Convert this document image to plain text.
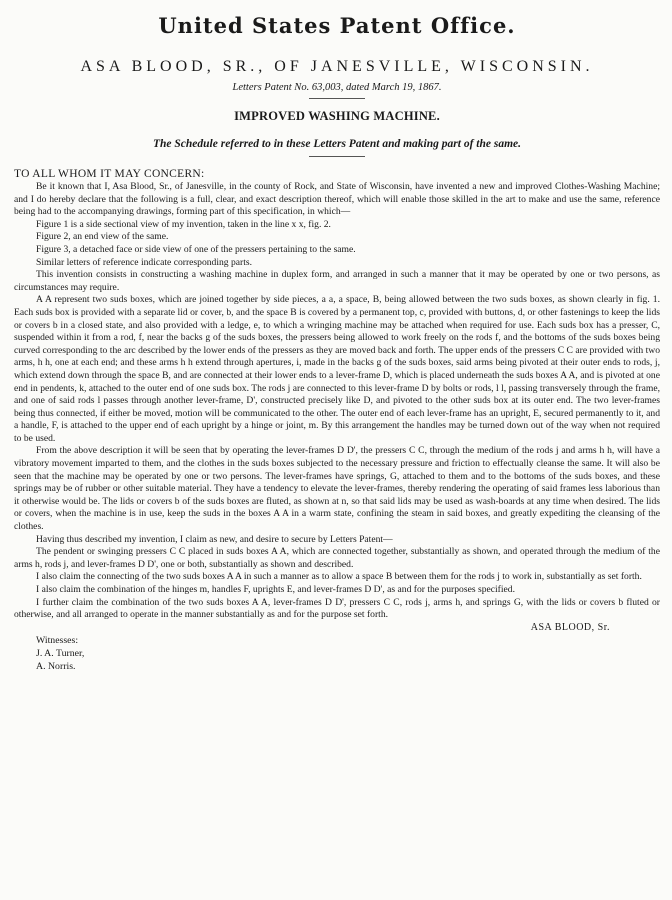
United States Patent Office.
ASA BLOOD, SR., OF JANESVILLE, WISCONSIN.
Letters Patent No. 63,003, dated March 19, 1867.
IMPROVED WASHING MACHINE.
The Schedule referred to in these Letters Patent and making part of the same.
TO ALL WHOM IT MAY CONCERN:

Be it known that I, Asa Blood, Sr., of Janesville, in the county of Rock, and State of Wisconsin, have invented a new and improved Clothes-Washing Machine; and I do hereby declare that the following is a full, clear, and exact description thereof, which will enable those skilled in the art to make and use the same, reference being had to the accompanying drawings, forming part of this specification, in which—

Figure 1 is a side sectional view of my invention, taken in the line x x, fig. 2.

Figure 2, an end view of the same.

Figure 3, a detached face or side view of one of the pressers pertaining to the same.

Similar letters of reference indicate corresponding parts.

This invention consists in constructing a washing machine in duplex form, and arranged in such a manner that it may be operated by one or two persons, as circumstances may require.

A A represent two suds boxes, which are joined together by side pieces, a a, a space, B, being allowed between the two suds boxes, as shown clearly in fig. 1. Each suds box is provided with a separate lid or cover, b, and the space B is covered by a permanent top, c, provided with buttons, d, or other fastenings to keep the lids or covers b in a closed state, and also provided with a ledge, e, to which a wringing machine may be attached when required for use. Each suds box has a presser, C, suspended within it from a rod, f, near the backs g of the suds boxes, the pressers being allowed to work freely on the rods f, and the bottoms of the suds boxes being curved corresponding to the arc described by the lower ends of the pressers as they are moved back and forth. The upper ends of the pressers C C are provided with two arms, h h, one at each end; and these arms h h extend through apertures, i, made in the backs g of the suds boxes, said arms being pivoted at their outer ends to rods, j, which extend down through the space B, and are connected at their lower ends to a lever-frame D, which is placed underneath the suds boxes A A, and is pivoted at one end in pendents, k, attached to the outer end of one suds box. The rods j are connected to this lever-frame D by bolts or rods, l l, passing transversely through the frame, and one of said rods l passes through another lever-frame, D', constructed precisely like D, and pivoted to the other suds box at its outer end. The two lever-frames being thus connected, if either be moved, motion will be communicated to the other. The outer end of each lever-frame has an upright, E, secured permanently to it, and a handle, F, is attached to the upper end of each upright by a hinge or joint, m. By this arrangement the handles may be turned down out of the way when not required to be used.

From the above description it will be seen that by operating the lever-frames D D', the pressers C C, through the medium of the rods j and arms h h, will have a vibratory movement imparted to them, and the clothes in the suds boxes subjected to the necessary pressure and friction to effectually cleanse the same. It will also be seen that the machine may be operated by one or two persons. The lever-frames have springs, G, attached to them and to the bottoms of the suds boxes, and these springs may be of rubber or other suitable material. They have a tendency to elevate the lever-frames, thereby rendering the operating of said frames less laborious than it otherwise would be. The lids or covers b of the suds boxes are fluted, as shown at n, so that said lids may be used as wash-boards at any time when desired. The lids or covers, when the machine is in use, keep the suds in the boxes A A in a warm state, confining the steam in said boxes, and greatly expediting the cleansing of the clothes.

Having thus described my invention, I claim as new, and desire to secure by Letters Patent—

The pendent or swinging pressers C C placed in suds boxes A A, which are connected together, substantially as shown, and operated through the medium of the arms h, rods j, and lever-frames D D', one or both, substantially as shown and described.

I also claim the connecting of the two suds boxes A A in such a manner as to allow a space B between them for the rods j to work in, substantially as set forth.

I also claim the combination of the hinges m, handles F, uprights E, and lever-frames D D', as and for the purposes specified.

I further claim the combination of the two suds boxes A A, lever-frames D D', pressers C C, rods j, arms h, and springs G, with the lids or covers b fluted or otherwise, and all arranged to operate in the manner substantially as and for the purpose set forth.

ASA BLOOD, Sr.
Witnesses:
J. A. Turner,
A. Norris.
